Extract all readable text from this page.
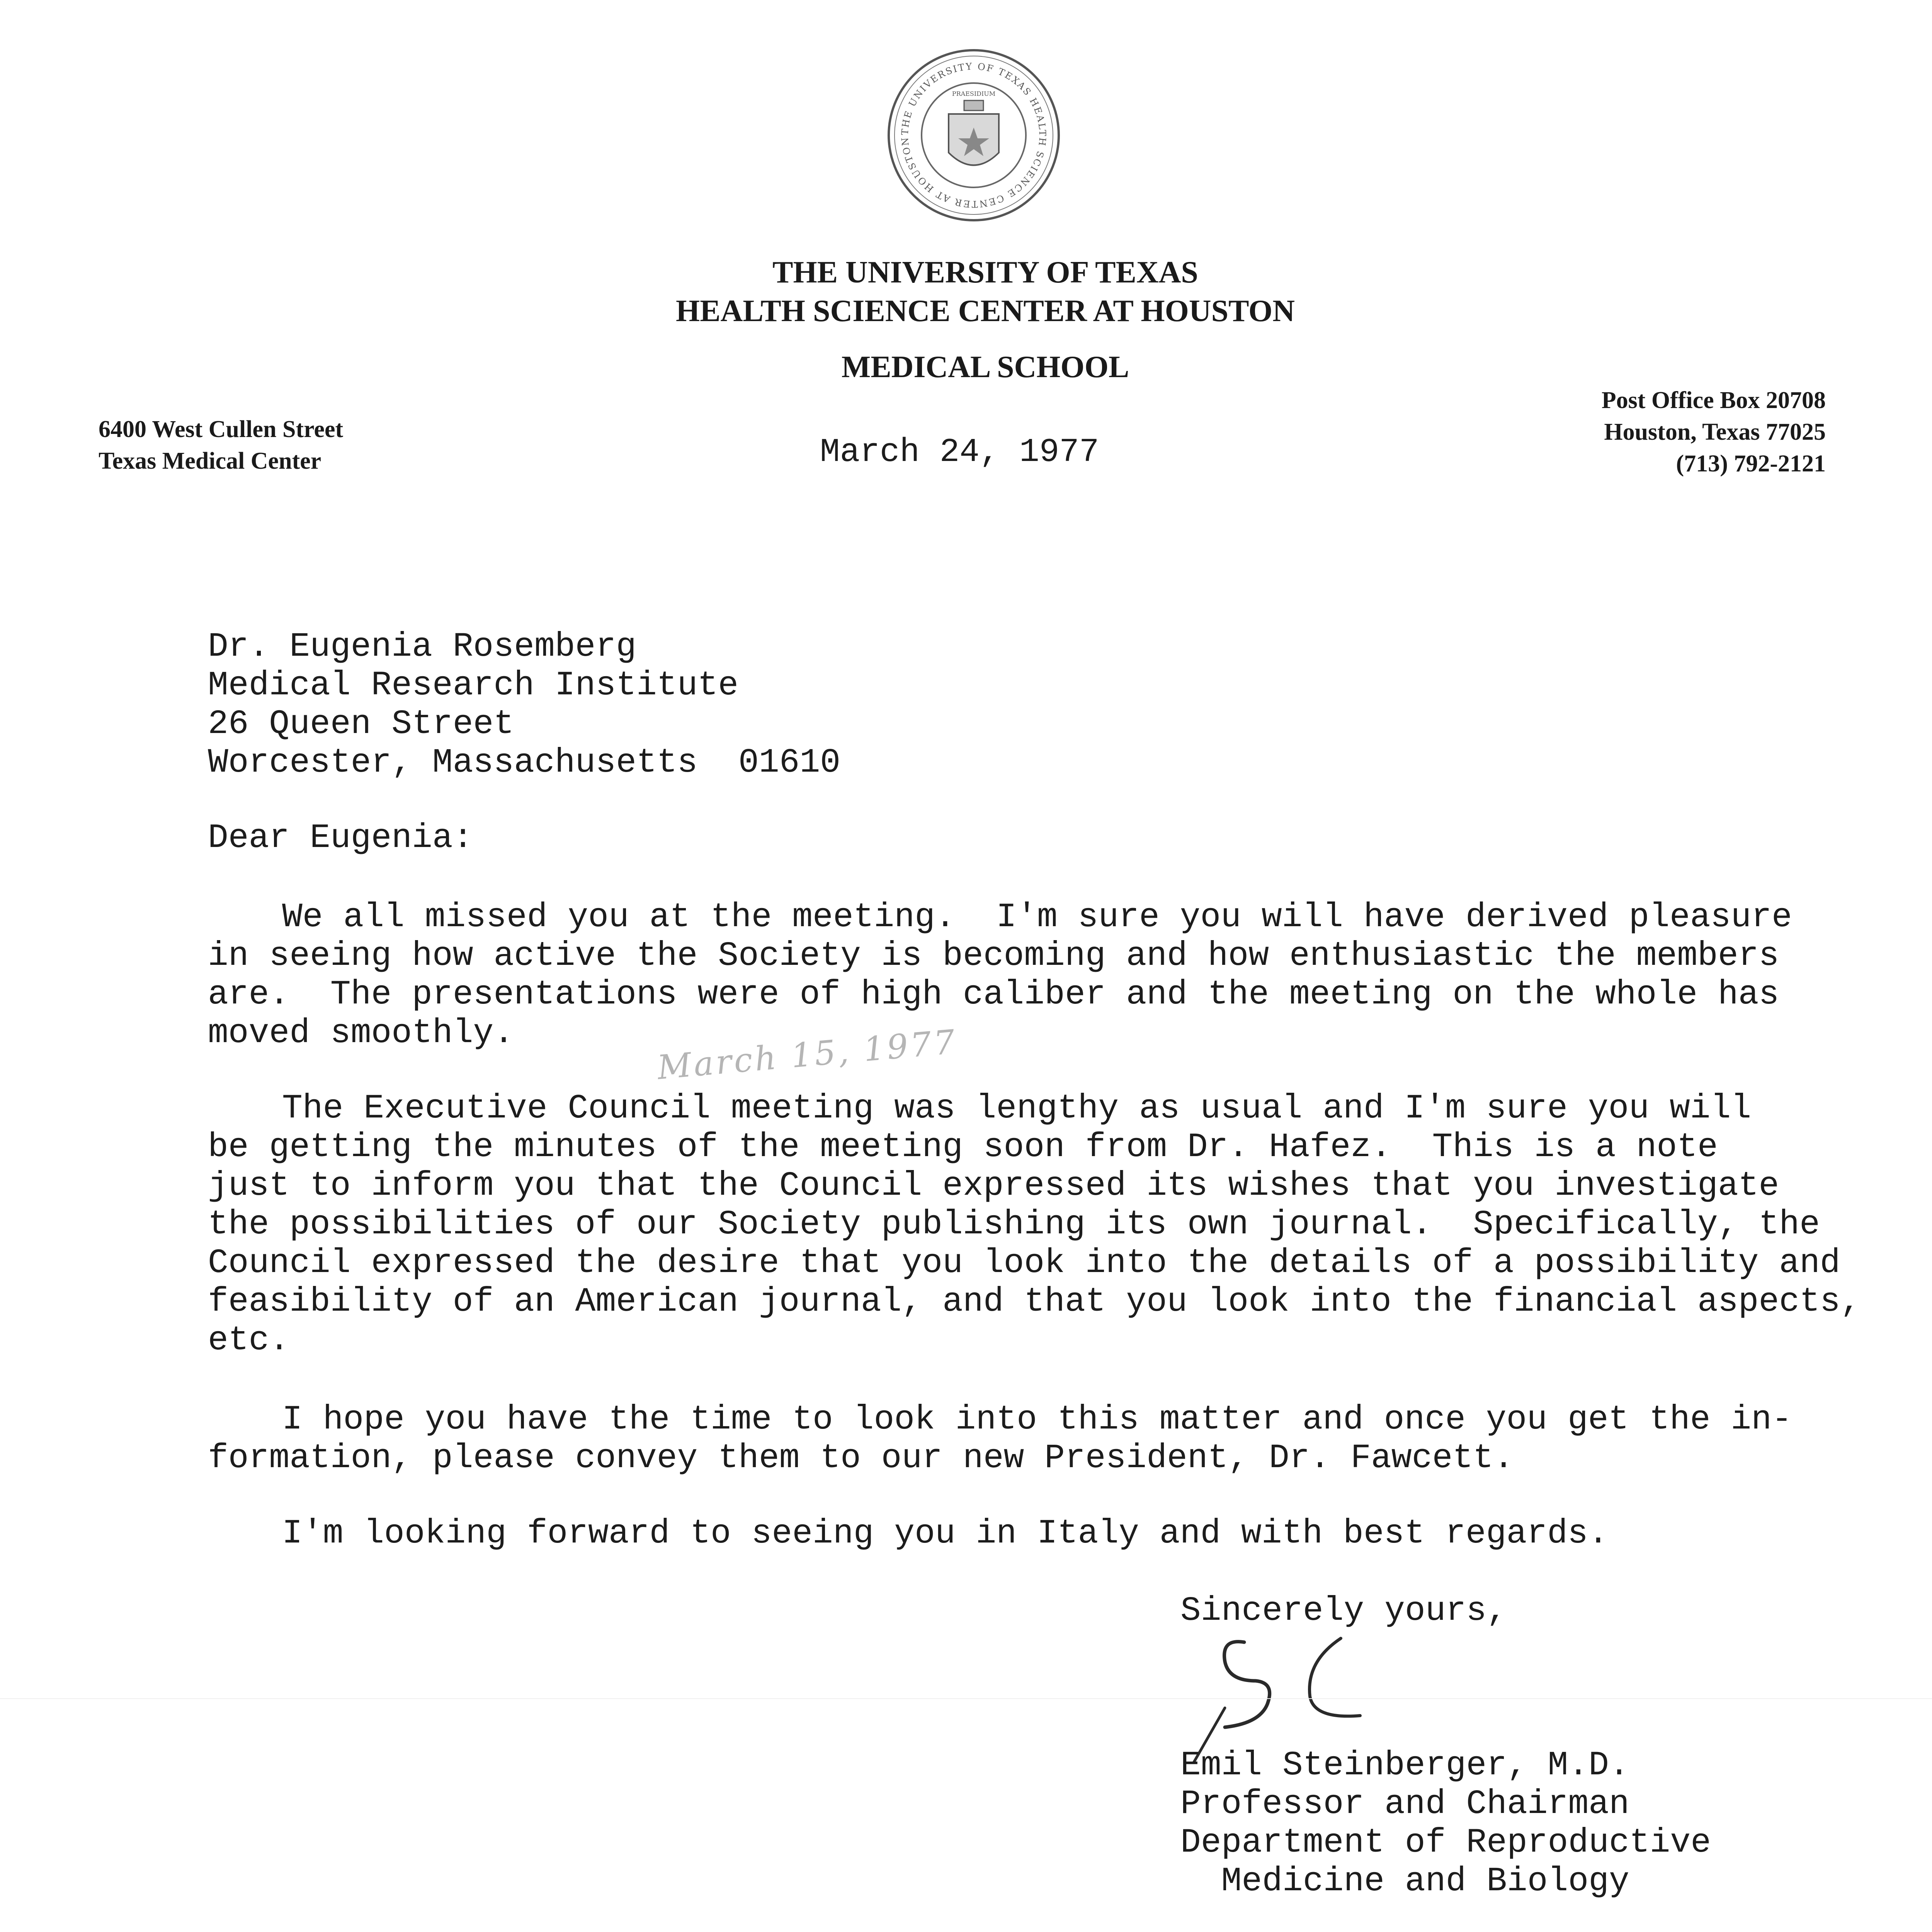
THE UNIVERSITY OF TEXAS HEALTH SCIENCE CENTER AT HOUSTON
PRAESIDIUM
THE UNIVERSITY OF TEXAS
HEALTH SCIENCE CENTER AT HOUSTON
MEDICAL SCHOOL
6400 West Cullen Street
Texas Medical Center
Post Office Box 20708
Houston, Texas 77025
(713) 792-2121
March 24, 1977
Dr. Eugenia Rosemberg
Medical Research Institute
26 Queen Street
Worcester, Massachusetts  01610
Dear Eugenia:
We all missed you at the meeting.  I'm sure you will have derived pleasure
in seeing how active the Society is becoming and how enthusiastic the members
are.  The presentations were of high caliber and the meeting on the whole has
moved smoothly.	March 15, 1977
The Executive Council meeting was lengthy as usual and I'm sure you will
be getting the minutes of the meeting soon from Dr. Hafez.  This is a note
just to inform you that the Council expressed its wishes that you investigate
the possibilities of our Society publishing its own journal.  Specifically, the
Council expressed the desire that you look into the details of a possibility and
feasibility of an American journal, and that you look into the financial aspects,
etc.
I hope you have the time to look into this matter and once you get the in-
formation, please convey them to our new President, Dr. Fawcett.
I'm looking forward to seeing you in Italy and with best regards.
Sincerely yours,
Emil Steinberger, M.D.
Professor and Chairman
Department of Reproductive
Medicine and Biology
